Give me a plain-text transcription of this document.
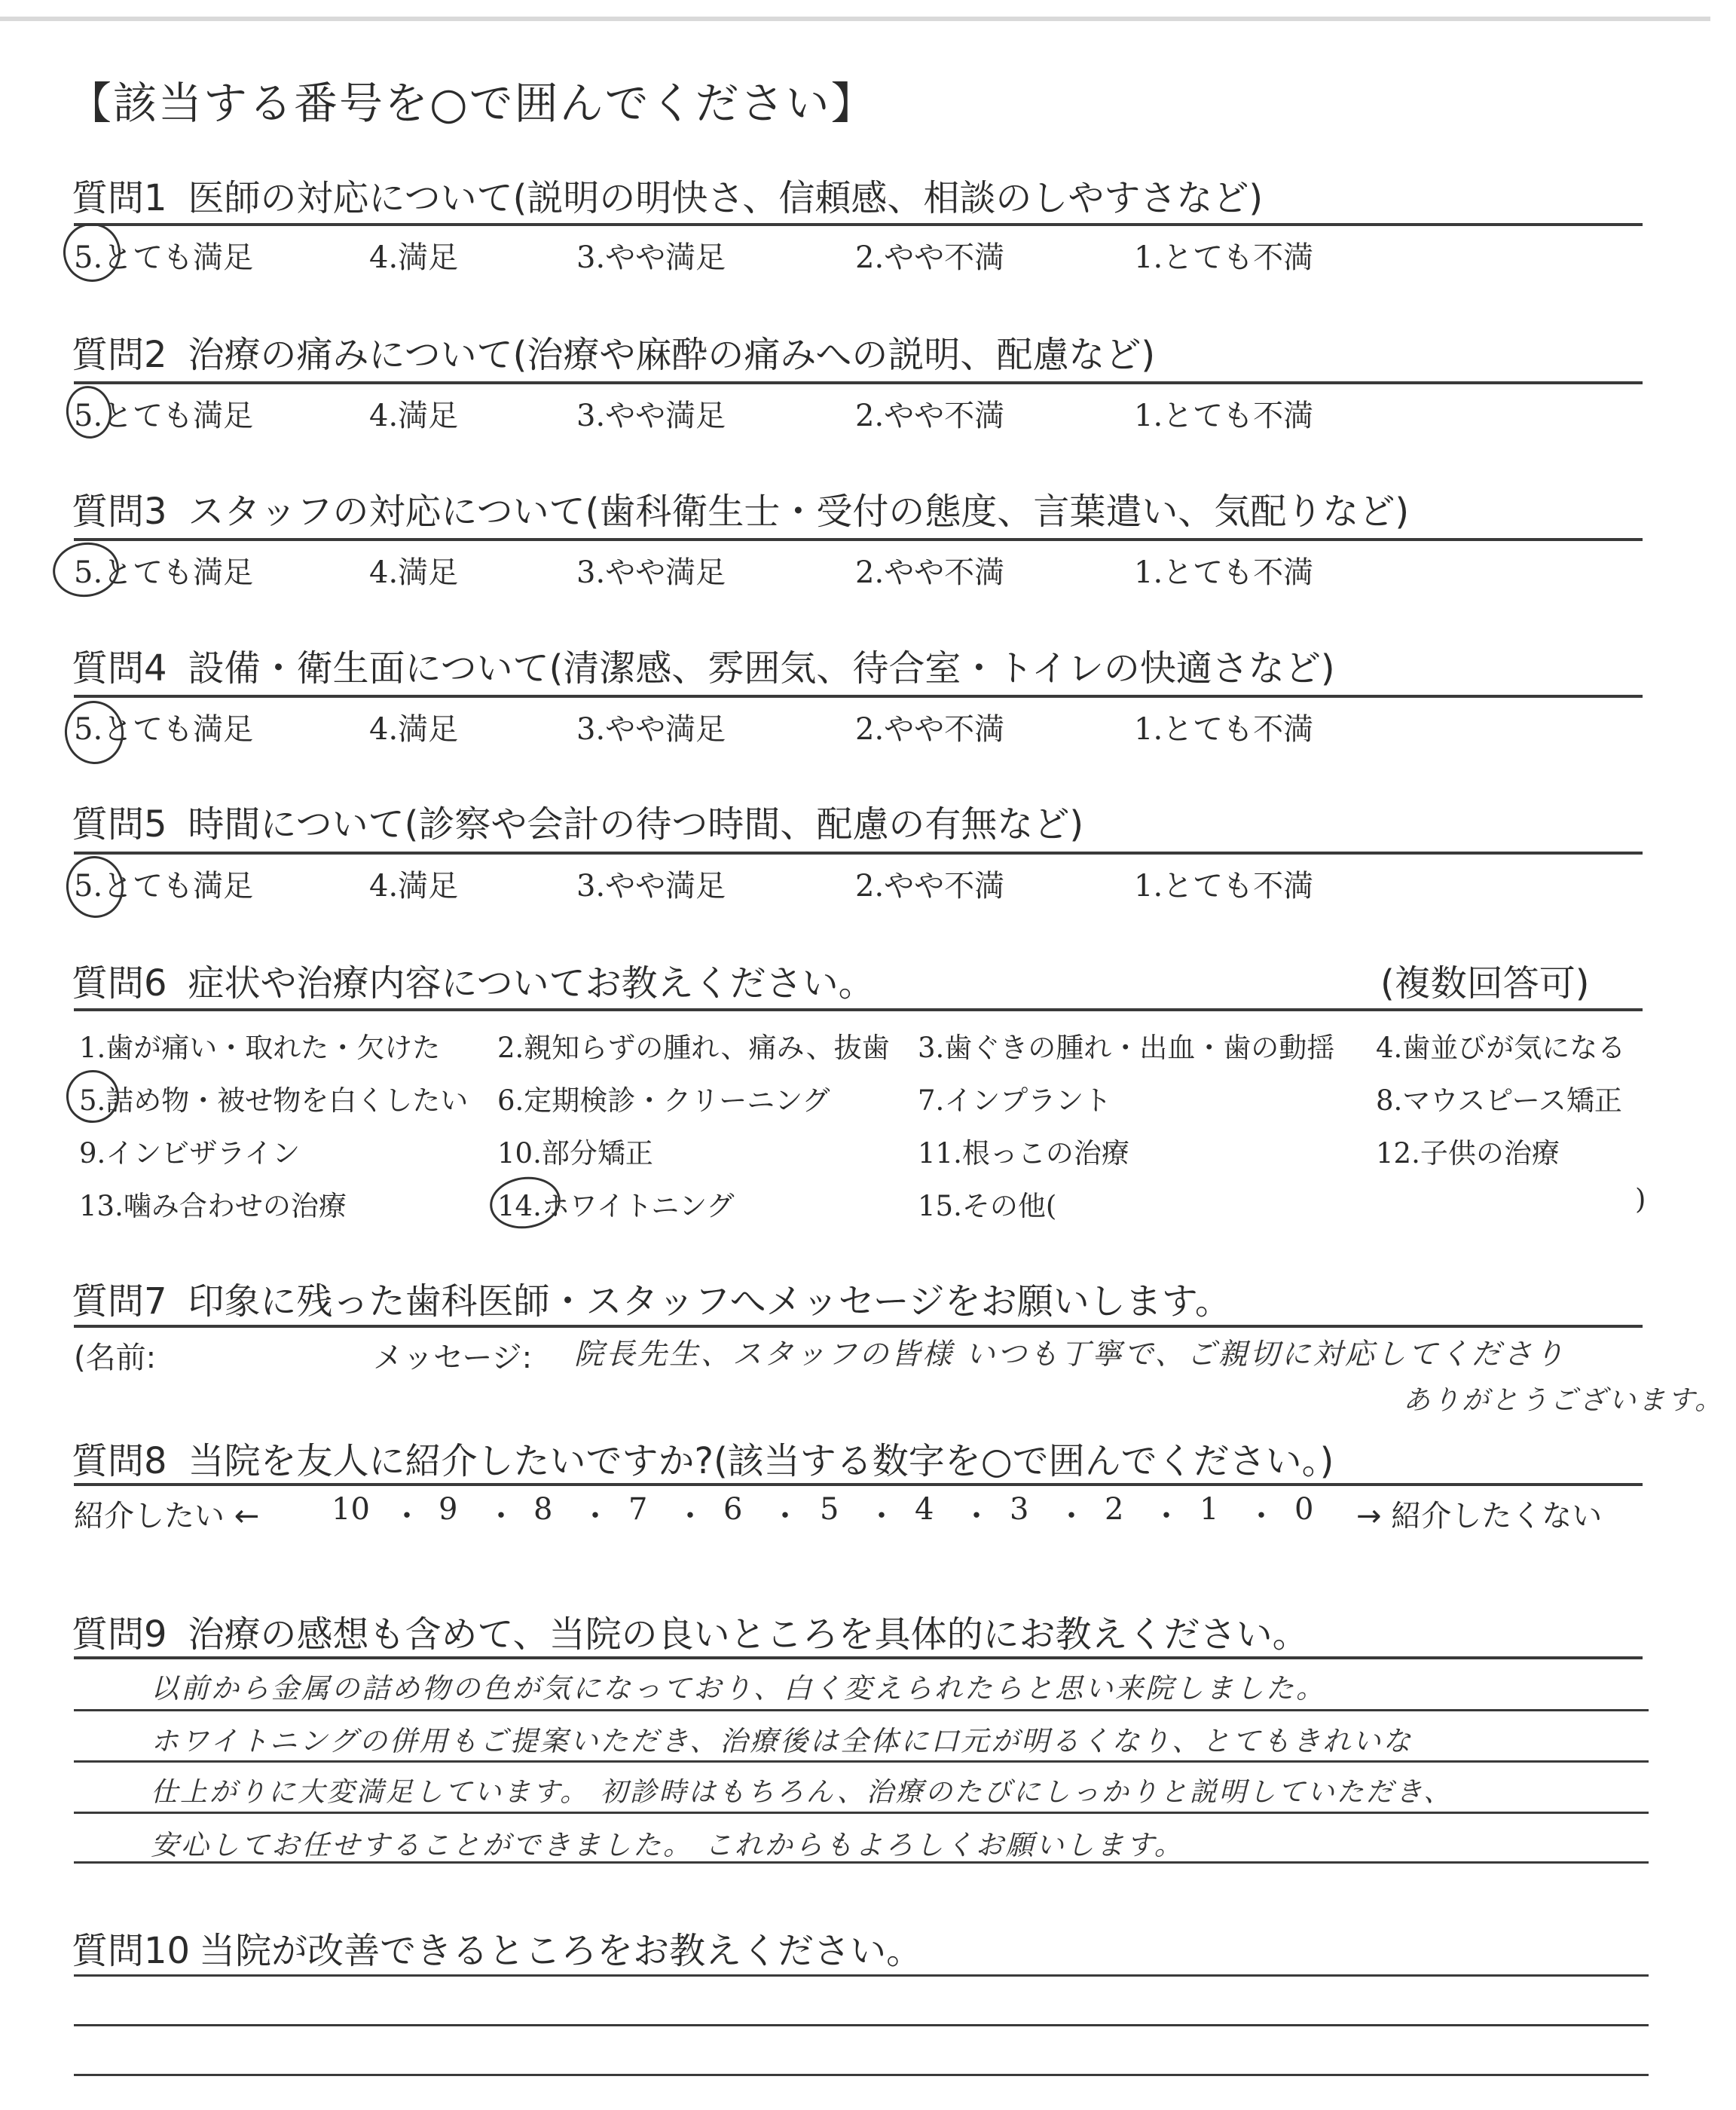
【該当する番号を○で囲んでください】
質問1 医師の対応について(説明の明快さ、信頼感、相談のしやすさなど)
5.とても満足	4.満足	3.やや満足	2.やや不満	1.とても不満
質問2 治療の痛みについて(治療や麻酔の痛みへの説明、配慮など)
5.とても満足	4.満足	3.やや満足	2.やや不満	1.とても不満
質問3 スタッフの対応について(歯科衛生士・受付の態度、言葉遣い、気配りなど)
5.とても満足	4.満足	3.やや満足	2.やや不満	1.とても不満
質問4 設備・衛生面について(清潔感、雰囲気、待合室・トイレの快適さなど)
5.とても満足	4.満足	3.やや満足	2.やや不満	1.とても不満
質問5 時間について(診察や会計の待つ時間、配慮の有無など)
5.とても満足	4.満足	3.やや満足	2.やや不満	1.とても不満
質問6 症状や治療内容についてお教えください。	(複数回答可)
1.歯が痛い・取れた・欠けた 2.親知らずの腫れ、痛み、抜歯 3.歯ぐきの腫れ・出血・歯の動揺 4.歯並びが気になる
5.詰め物・被せ物を白くしたい 6.定期検診・クリーニング	7.インプラント	8.マウスピース矯正
9.インビザライン	10.部分矯正	11.根っこの治療	12.子供の治療
13.噛み合わせの治療	14.ホワイトニング	15.その他(	)
質問7 印象に残った歯科医師・スタッフへメッセージをお願いします。
(名前:	メッセージ: 院長先生、スタッフの皆様 いつも丁寧で、ご親切に対応してくださり
ありがとうございます。
質問8 当院を友人に紹介したいですか?(該当する数字を○で囲んでください。)
紹介したい ← 10 ・ 9 ・ 8 ・ 7 ・ 6 ・ 5 ・ 4 ・ 3 ・ 2 ・ 1 ・ 0 → 紹介したくない
質問9 治療の感想も含めて、当院の良いところを具体的にお教えください。
以前から金属の詰め物の色が気になっており、白く変えられたらと思い来院しました。
ホワイトニングの併用もご提案いただき、治療後は全体に口元が明るくなり、とてもきれいな
仕上がりに大変満足しています。 初診時はもちろん、治療のたびにしっかりと説明していただき、
安心してお任せすることができました。 これからもよろしくお願いします。
質問10 当院が改善できるところをお教えください。
